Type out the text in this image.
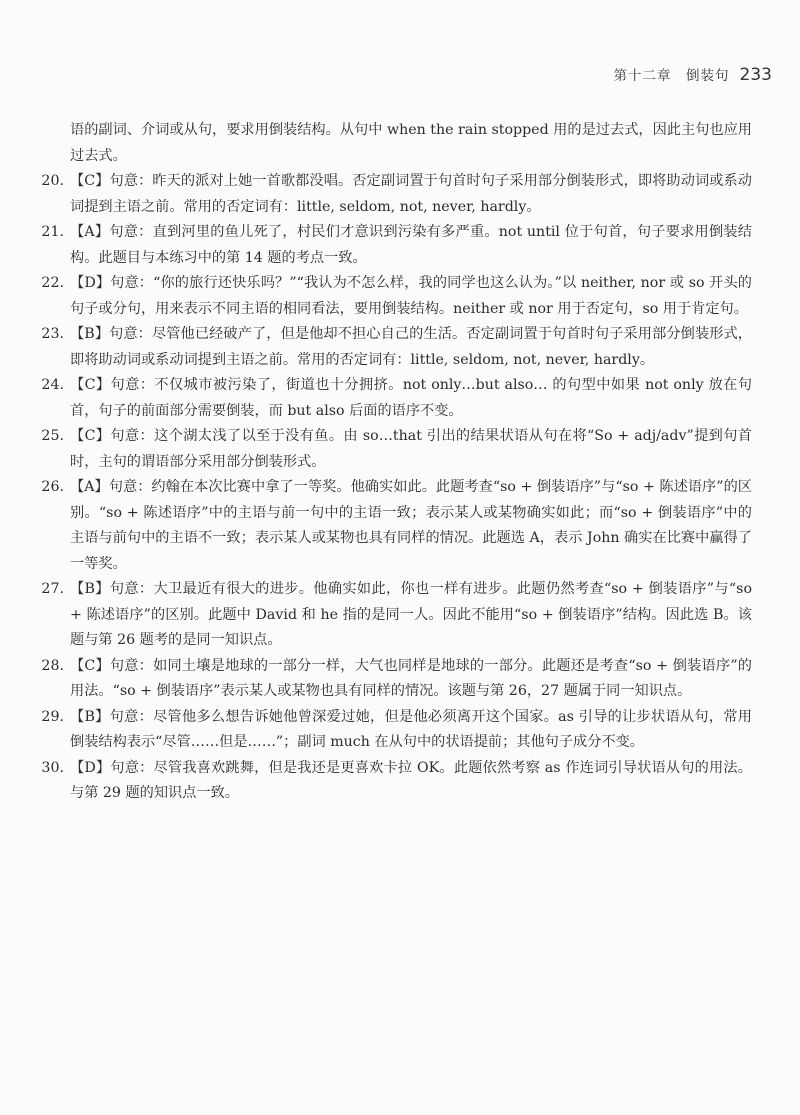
第十二章　倒装句 233
语的副词、介词或从句，要求用倒装结构。从句中 when the rain stopped 用的是过去式，因此主句也应用过去式。
20. 【C】句意：昨天的派对上她一首歌都没唱。否定副词置于句首时句子采用部分倒装形式，即将助动词或系动词提到主语之前。常用的否定词有：little, seldom, not, never, hardly。
21. 【A】句意：直到河里的鱼儿死了，村民们才意识到污染有多严重。not until 位于句首，句子要求用倒装结构。此题目与本练习中的第 14 题的考点一致。
22. 【D】句意：“你的旅行还快乐吗？”“我认为不怎么样，我的同学也这么认为。”以 neither, nor 或 so 开头的句子或分句，用来表示不同主语的相同看法，要用倒装结构。neither 或 nor 用于否定句，so 用于肯定句。
23. 【B】句意：尽管他已经破产了，但是他却不担心自己的生活。否定副词置于句首时句子采用部分倒装形式，即将助动词或系动词提到主语之前。常用的否定词有：little, seldom, not, never, hardly。
24. 【C】句意：不仅城市被污染了，街道也十分拥挤。not only…but also… 的句型中如果 not only 放在句首，句子的前面部分需要倒装，而 but also 后面的语序不变。
25. 【C】句意：这个湖太浅了以至于没有鱼。由 so…that 引出的结果状语从句在将“So + adj/adv”提到句首时，主句的谓语部分采用部分倒装形式。
26. 【A】句意：约翰在本次比赛中拿了一等奖。他确实如此。此题考查“so + 倒装语序”与“so + 陈述语序”的区别。“so + 陈述语序”中的主语与前一句中的主语一致；表示某人或某物确实如此；而“so + 倒装语序”中的主语与前句中的主语不一致；表示某人或某物也具有同样的情况。此题选 A，表示 John 确实在比赛中赢得了一等奖。
27. 【B】句意：大卫最近有很大的进步。他确实如此，你也一样有进步。此题仍然考查“so + 倒装语序”与“so + 陈述语序”的区别。此题中 David 和 he 指的是同一人。因此不能用“so + 倒装语序”结构。因此选 B。该题与第 26 题考的是同一知识点。
28. 【C】句意：如同土壤是地球的一部分一样，大气也同样是地球的一部分。此题还是考查“so + 倒装语序”的用法。“so + 倒装语序”表示某人或某物也具有同样的情况。该题与第 26，27 题属于同一知识点。
29. 【B】句意：尽管他多么想告诉她他曾深爱过她，但是他必须离开这个国家。as 引导的让步状语从句，常用倒装结构表示“尽管……但是……”；副词 much 在从句中的状语提前；其他句子成分不变。
30. 【D】句意：尽管我喜欢跳舞，但是我还是更喜欢卡拉 OK。此题依然考察 as 作连词引导状语从句的用法。与第 29 题的知识点一致。
